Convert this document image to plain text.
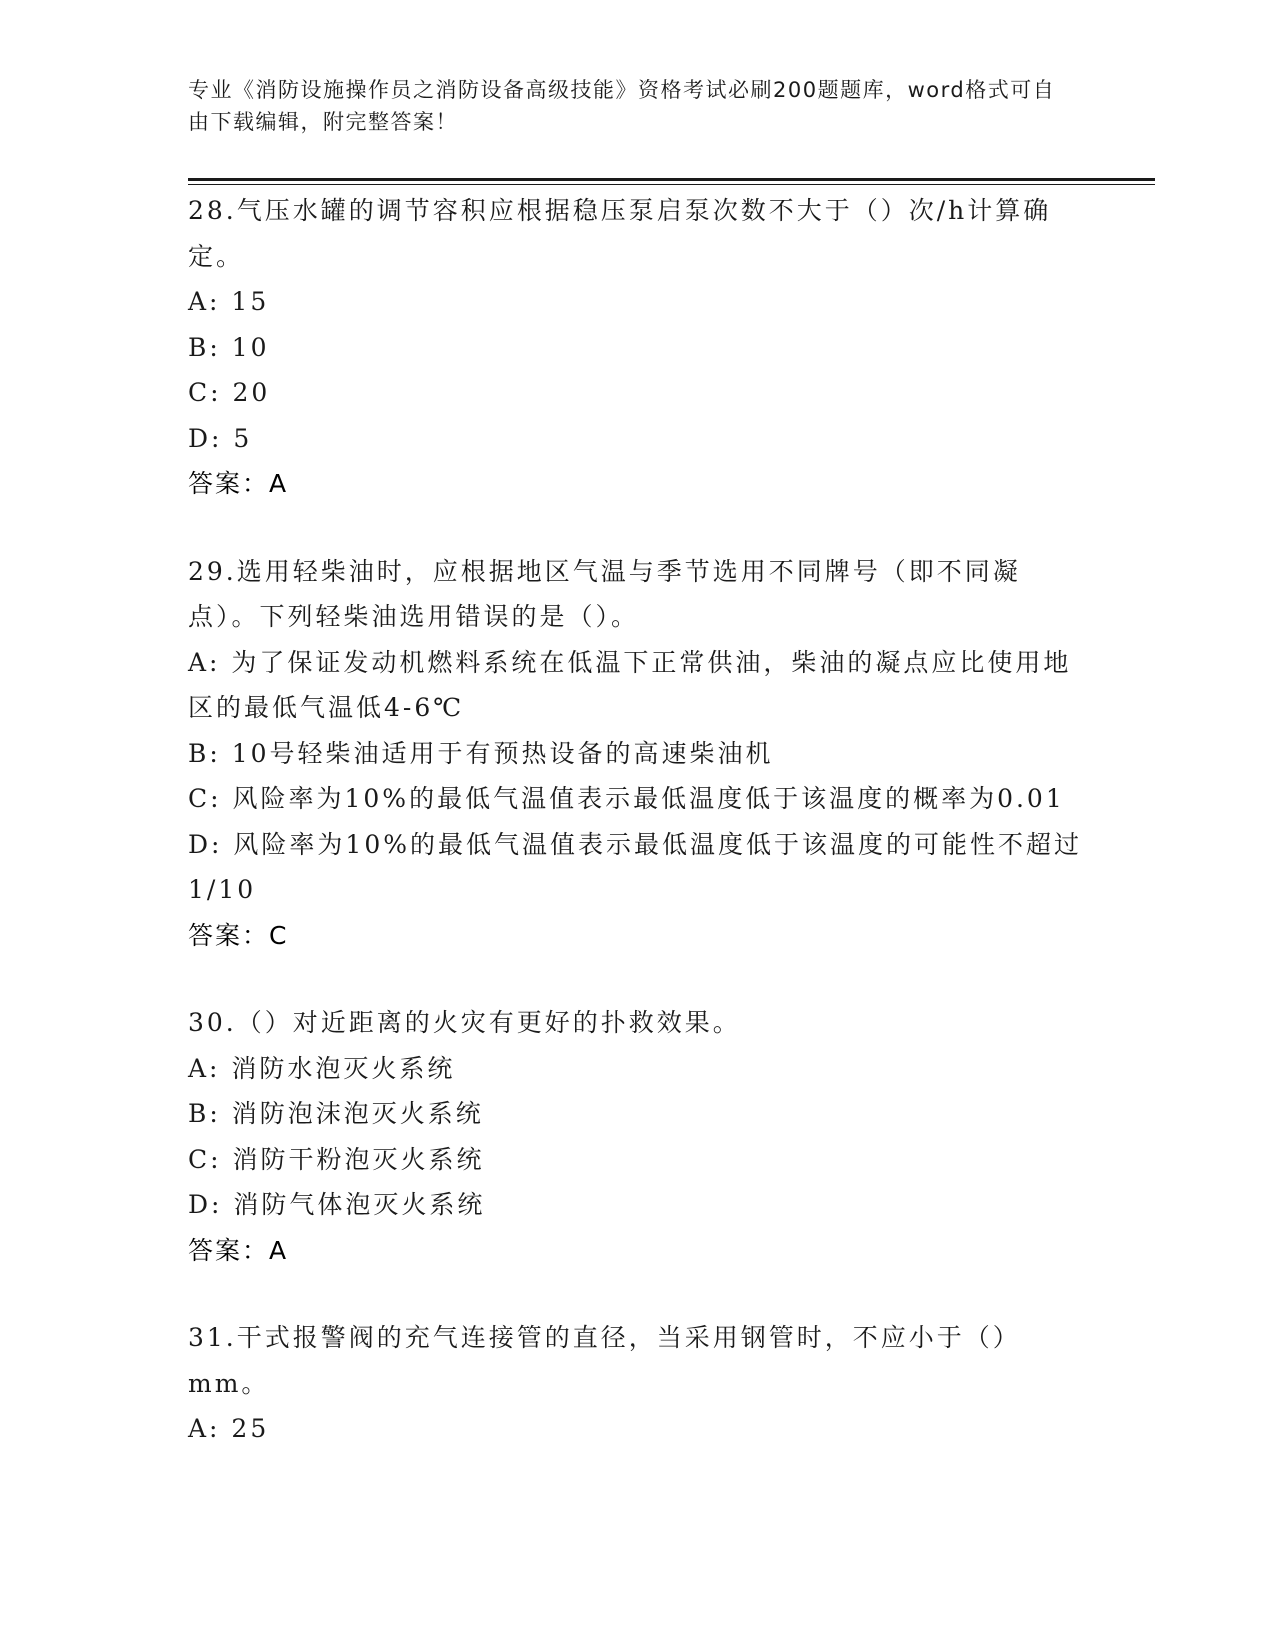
专业《消防设施操作员之消防设备高级技能》资格考试必刷200题题库，word格式可自由下载编辑，附完整答案！
28.气压水罐的调节容积应根据稳压泵启泵次数不大于（）次/h计算确定。
A: 15
B: 10
C: 20
D: 5
答案：A
29.选用轻柴油时，应根据地区气温与季节选用不同牌号（即不同凝点）。下列轻柴油选用错误的是（）。
A: 为了保证发动机燃料系统在低温下正常供油，柴油的凝点应比使用地区的最低气温低4-6℃
B: 10号轻柴油适用于有预热设备的高速柴油机
C: 风险率为10%的最低气温值表示最低温度低于该温度的概率为0.01
D: 风险率为10%的最低气温值表示最低温度低于该温度的可能性不超过1/10
答案：C
30.（）对近距离的火灾有更好的扑救效果。
A: 消防水泡灭火系统
B: 消防泡沫泡灭火系统
C: 消防干粉泡灭火系统
D: 消防气体泡灭火系统
答案：A
31.干式报警阀的充气连接管的直径，当采用钢管时，不应小于（）mm。
A: 25
